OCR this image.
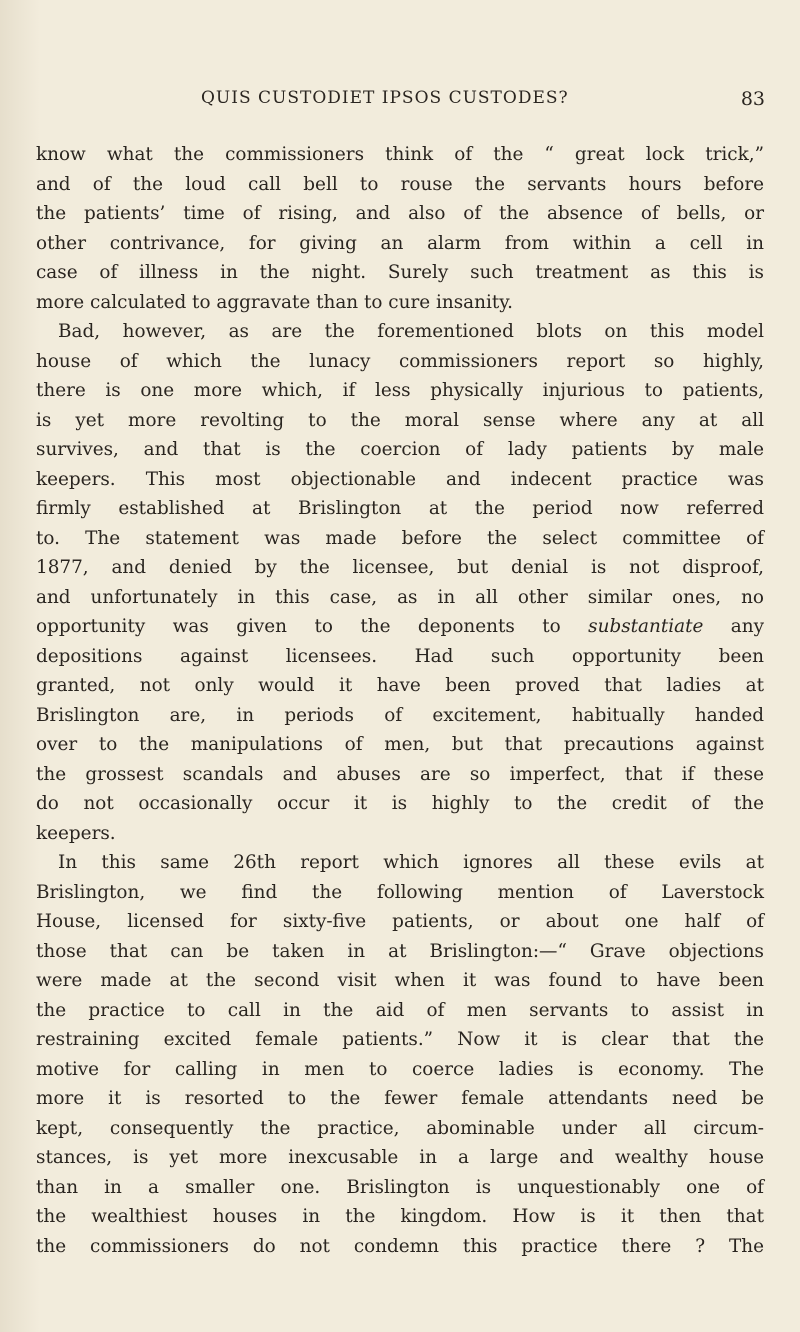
QUIS CUSTODIET IPSOS CUSTODES?	83
know what the commissioners think of the “ great lock trick,”
and of the loud call bell to rouse the servants hours before
the patients’ time of rising, and also of the absence of bells, or
other contrivance, for giving an alarm from within a cell in
case of illness in the night. Surely such treatment as this is
more calculated to aggravate than to cure insanity.
Bad, however, as are the forementioned blots on this model
house of which the lunacy commissioners report so highly,
there is one more which, if less physically injurious to patients,
is yet more revolting to the moral sense where any at all
survives, and that is the coercion of lady patients by male
keepers. This most objectionable and indecent practice was
firmly established at Brislington at the period now referred
to. The statement was made before the select committee of
1877, and denied by the licensee, but denial is not disproof,
and unfortunately in this case, as in all other similar ones, no
opportunity was given to the deponents to substantiate any
depositions against licensees. Had such opportunity been
granted, not only would it have been proved that ladies at
Brislington are, in periods of excitement, habitually handed
over to the manipulations of men, but that precautions against
the grossest scandals and abuses are so imperfect, that if these
do not occasionally occur it is highly to the credit of the
keepers.
In this same 26th report which ignores all these evils at
Brislington, we find the following mention of Laverstock
House, licensed for sixty-five patients, or about one half of
those that can be taken in at Brislington:—“ Grave objections
were made at the second visit when it was found to have been
the practice to call in the aid of men servants to assist in
restraining excited female patients.” Now it is clear that the
motive for calling in men to coerce ladies is economy. The
more it is resorted to the fewer female attendants need be
kept, consequently the practice, abominable under all circum-
stances, is yet more inexcusable in a large and wealthy house
than in a smaller one. Brislington is unquestionably one of
the wealthiest houses in the kingdom. How is it then that
the commissioners do not condemn this practice there ? The
